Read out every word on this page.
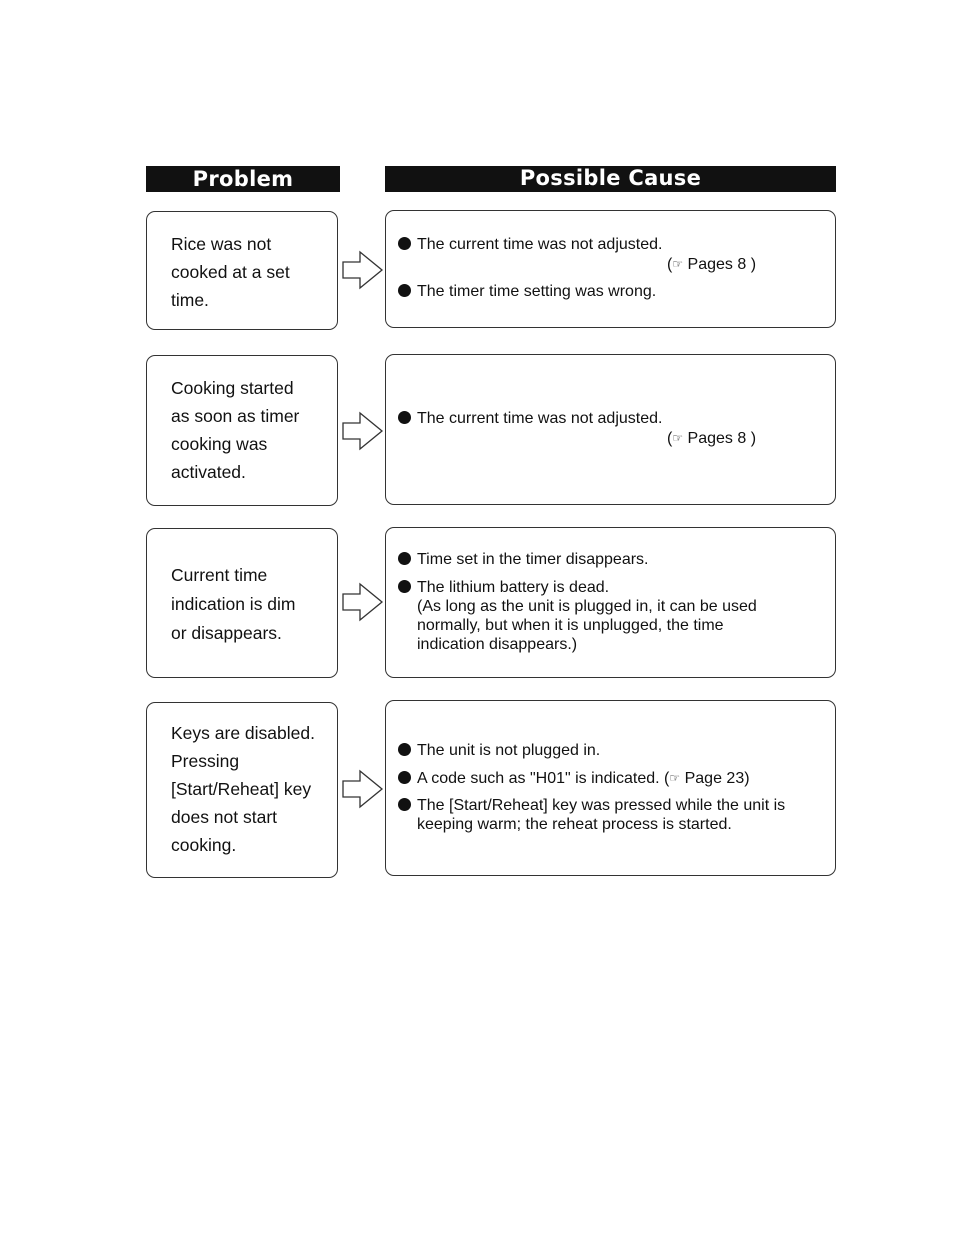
Problem	Possible Cause
Rice was not
cooked at a set
time.
The current time was not adjusted.
(☞ Pages 8 )
The timer time setting was wrong.
Cooking started
as soon as timer
cooking was
activated.
The current time was not adjusted.
(☞ Pages 8 )
Current time
indication is dim
or disappears.
Time set in the timer disappears.
The lithium battery is dead.
(As long as the unit is plugged in, it can be used
normally, but when it is unplugged, the time
indication disappears.)
Keys are disabled.
Pressing
[Start/Reheat] key
does not start
cooking.
The unit is not plugged in.
A code such as "H01" is indicated. (☞ Page 23)
The [Start/Reheat] key was pressed while the unit is
keeping warm; the reheat process is started.
